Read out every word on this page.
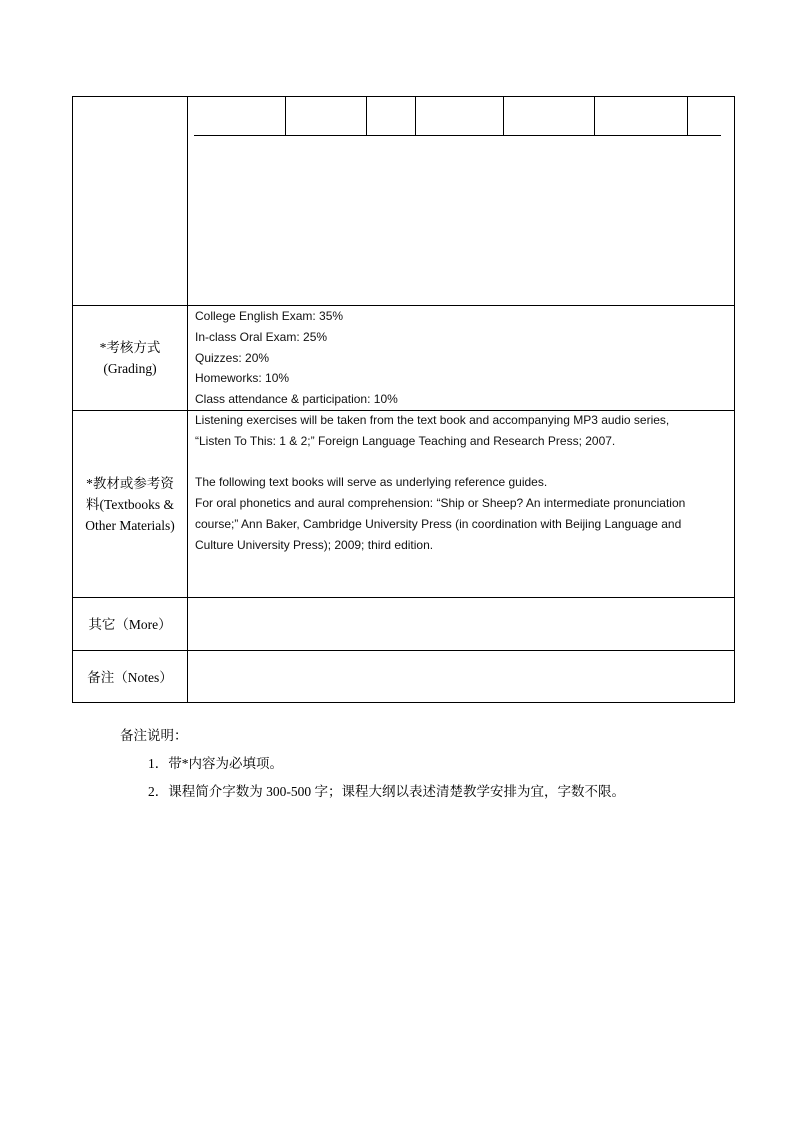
*考核方式
(Grading)
College English Exam: 35%
In-class Oral Exam: 25%
Quizzes: 20%
Homeworks: 10%
Class attendance & participation: 10%
*教材或参考资
料(Textbooks &
Other Materials)
Listening exercises will be taken from the text book and accompanying MP3 audio series,
“Listen To This: 1 & 2;” Foreign Language Teaching and Research Press; 2007.
The following text books will serve as underlying reference guides.
For oral phonetics and aural comprehension: “Ship or Sheep? An intermediate pronunciation
course;” Ann Baker, Cambridge University Press (in coordination with Beijing Language and
Culture University Press); 2009; third edition.
其它（More）
备注（Notes）
备注说明：
1．带*内容为必填项。
2．课程简介字数为 300-500 字；课程大纲以表述清楚教学安排为宜，字数不限。
